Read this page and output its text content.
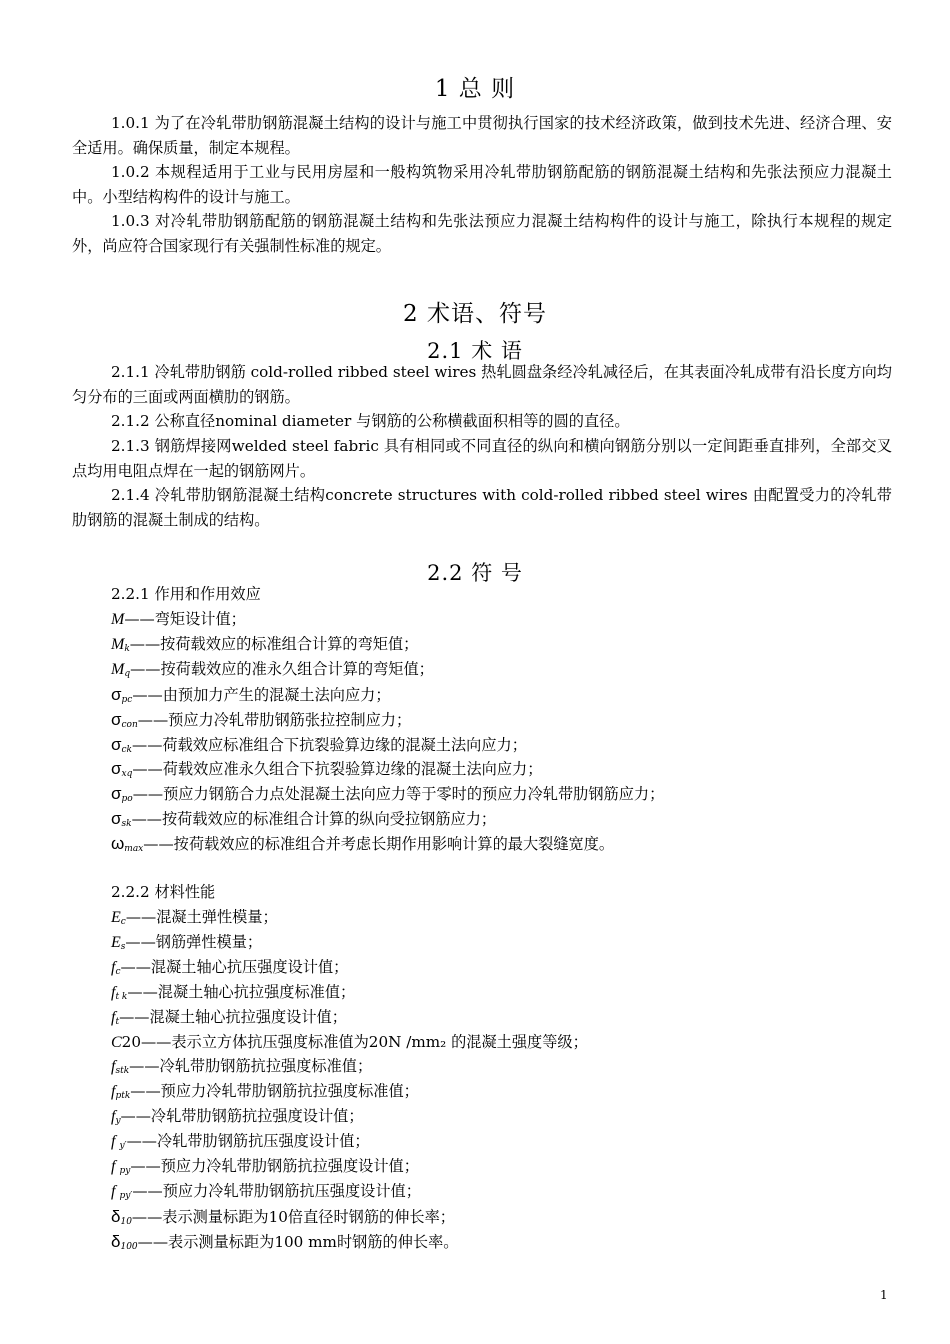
1 总 则

1.0.1 为了在冷轧带肋钢筋混凝土结构的设计与施工中贯彻执行国家的技术经济政策，做到技术先进、经济合理、安全适用。确保质量，制定本规程。

1.0.2 本规程适用于工业与民用房屋和一般构筑物采用冷轧带肋钢筋配筋的钢筋混凝土结构和先张法预应力混凝土中。小型结构构件的设计与施工。

1.0.3 对冷轧带肋钢筋配筋的钢筋混凝土结构和先张法预应力混凝土结构构件的设计与施工，除执行本规程的规定外，尚应符合国家现行有关强制性标准的规定。

2 术语、符号
2.1 术 语

2.1.1 冷轧带肋钢筋 cold-rolled ribbed steel wires 热轧圆盘条经冷轧减径后，在其表面冷轧成带有沿长度方向均匀分布的三面或两面横肋的钢筋。

2.1.2 公称直径nominal diameter 与钢筋的公称横截面积相等的圆的直径。

2.1.3 钢筋焊接网welded steel fabric 具有相同或不同直径的纵向和横向钢筋分别以一定间距垂直排列，全部交叉点均用电阻点焊在一起的钢筋网片。

2.1.4 冷轧带肋钢筋混凝土结构concrete structures with cold-rolled ribbed steel wires 由配置受力的冷轧带肋钢筋的混凝土制成的结构。

2.2 符 号
2.2.1 作用和作用效应
M——弯矩设计值；
$M_k——$按荷载效应的标准组合计算的弯矩值；
$M_q——$按荷载效应的准永久组合计算的弯矩值；
$\sigma_{pc}——$由预加力产生的混凝土法向应力；
$\sigma_{con}——$预应力冷轧带肋钢筋张拉控制应力；
$\sigma_{ck}——$荷载效应标准组合下抗裂验算边缘的混凝土法向应力；
$\sigma_{xq}——$荷载效应准永久组合下抗裂验算边缘的混凝土法向应力；
$\sigma_{po}——$预应力钢筋合力点处混凝土法向应力等于零时的预应力冷轧带肋钢筋应力；
$\sigma_{sk}——$按荷载效应的标准组合计算的纵向受拉钢筋应力；
$\omega_{max}——$按荷载效应的标准组合并考虑长期作用影响计算的最大裂缝宽度。
2.2.2 材料性能
$E_c——$混凝土弹性模量；
$E_s——$钢筋弹性模量；
$f_c——$混凝土轴心抗压强度设计值；
$f_{t k}——$混凝土轴心抗拉强度标准值；
$f_t——$混凝土轴心抗拉强度设计值；
C20——表示立方体抗压强度标准值为20N /mm₂ 的混凝土强度等级；
$f_{stk}——$冷轧带肋钢筋抗拉强度标准值；
$f_{ptk}——$预应力冷轧带肋钢筋抗拉强度标准值；
$f_y——$冷轧带肋钢筋抗拉强度设计值；
f $_{y'}$——冷轧带肋钢筋抗压强度设计值；
f $_{py}$——预应力冷轧带肋钢筋抗拉强度设计值；
f $_{py'}$——预应力冷轧带肋钢筋抗压强度设计值；
$\delta_{10}——$表示测量标距为10倍直径时钢筋的伸长率；
$\delta_{100}——$表示测量标距为100 mm时钢筋的伸长率。
1
